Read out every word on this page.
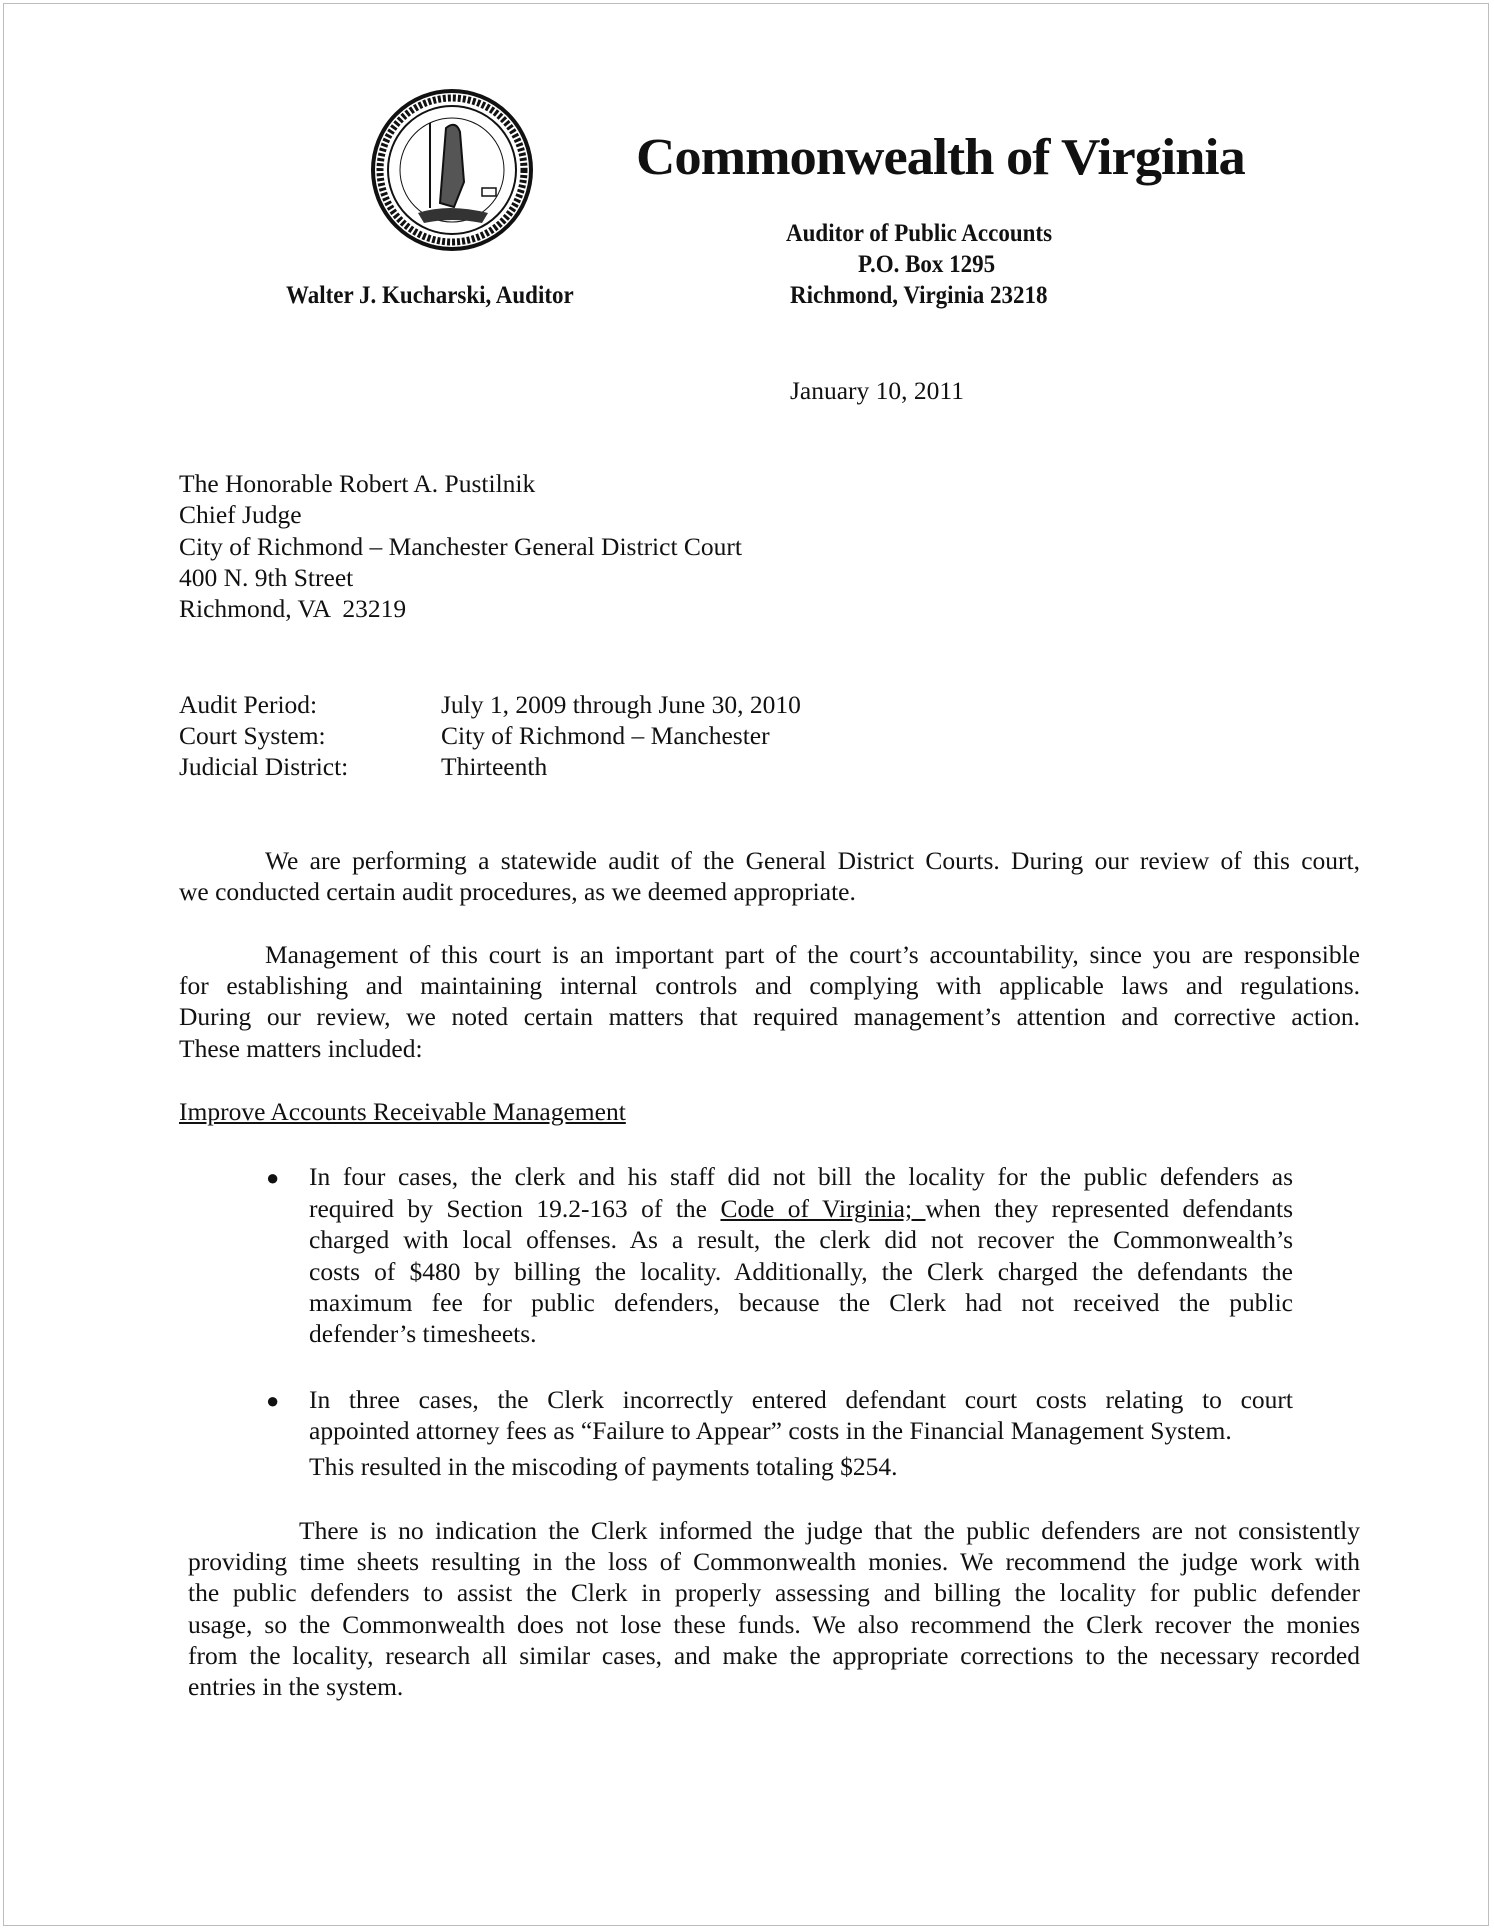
Commonwealth of Virginia
Auditor of Public Accounts
P.O. Box 1295
Richmond, Virginia 23218
Walter J. Kucharski, Auditor
January 10, 2011
The Honorable Robert A. Pustilnik
Chief Judge
City of Richmond – Manchester General District Court
400 N. 9th Street
Richmond, VA  23219
Audit Period:	July 1, 2009 through June 30, 2010
Court System:	City of Richmond – Manchester
Judicial District:	Thirteenth
We are performing a statewide audit of the General District Courts. During our review of this court,
we conducted certain audit procedures, as we deemed appropriate.
Management of this court is an important part of the court’s accountability, since you are responsible
for establishing and maintaining internal controls and complying with applicable laws and regulations.
During our review, we noted certain matters that required management’s attention and corrective action.
These matters included:
Improve Accounts Receivable Management
● In four cases, the clerk and his staff did not bill the locality for the public defenders as
required by Section 19.2-163 of the Code of Virginia; when they represented defendants
charged with local offenses. As a result, the clerk did not recover the Commonwealth’s
costs of $480 by billing the locality. Additionally, the Clerk charged the defendants the
maximum fee for public defenders, because the Clerk had not received the public
defender’s timesheets.
● In three cases, the Clerk incorrectly entered defendant court costs relating to court
appointed attorney fees as “Failure to Appear” costs in the Financial Management System.
This resulted in the miscoding of payments totaling $254.
There is no indication the Clerk informed the judge that the public defenders are not consistently
providing time sheets resulting in the loss of Commonwealth monies. We recommend the judge work with
the public defenders to assist the Clerk in properly assessing and billing the locality for public defender
usage, so the Commonwealth does not lose these funds. We also recommend the Clerk recover the monies
from the locality, research all similar cases, and make the appropriate corrections to the necessary recorded
entries in the system.
